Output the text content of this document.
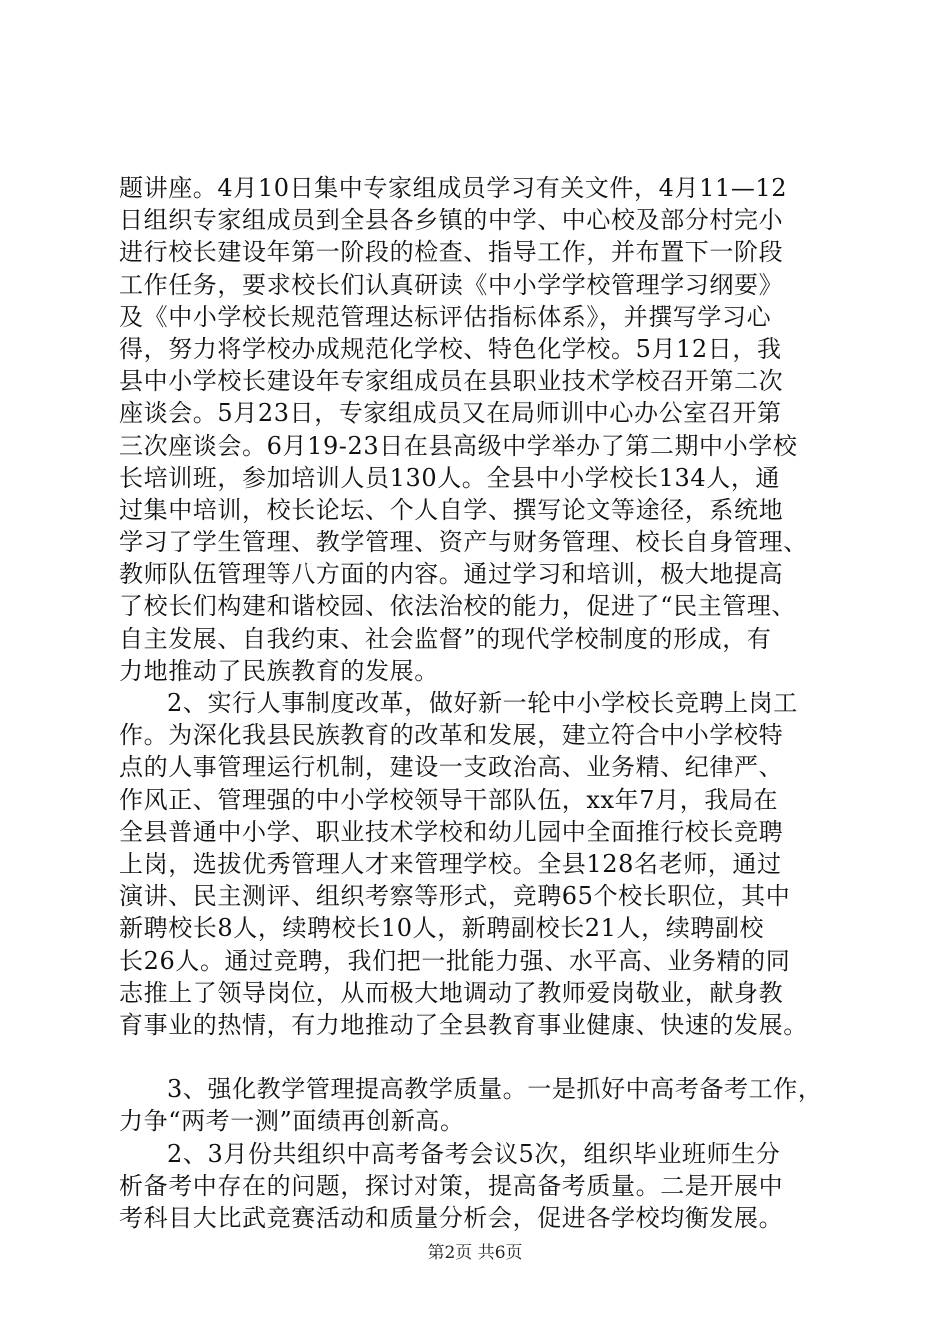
题讲座。4月10日集中专家组成员学习有关文件，4月11—12
日组织专家组成员到全县各乡镇的中学、中心校及部分村完小
进行校长建设年第一阶段的检查、指导工作，并布置下一阶段
工作任务，要求校长们认真研读《中小学学校管理学习纲要》
及《中小学校长规范管理达标评估指标体系》，并撰写学习心
得，努力将学校办成规范化学校、特色化学校。5月12日，我
县中小学校长建设年专家组成员在县职业技术学校召开第二次
座谈会。5月23日，专家组成员又在局师训中心办公室召开第
三次座谈会。6月19-23日在县高级中学举办了第二期中小学校
长培训班，参加培训人员130人。全县中小学校长134人，通
过集中培训，校长论坛、个人自学、撰写论文等途径，系统地
学习了学生管理、教学管理、资产与财务管理、校长自身管理、
教师队伍管理等八方面的内容。通过学习和培训，极大地提高
了校长们构建和谐校园、依法治校的能力，促进了“民主管理、
自主发展、自我约束、社会监督”的现代学校制度的形成，有
力地推动了民族教育的发展。
2、实行人事制度改革，做好新一轮中小学校长竞聘上岗工
作。为深化我县民族教育的改革和发展，建立符合中小学校特
点的人事管理运行机制，建设一支政治高、业务精、纪律严、
作风正、管理强的中小学校领导干部队伍，xx年7月，我局在
全县普通中小学、职业技术学校和幼儿园中全面推行校长竞聘
上岗，选拔优秀管理人才来管理学校。全县128名老师，通过
演讲、民主测评、组织考察等形式，竞聘65个校长职位，其中
新聘校长8人，续聘校长10人，新聘副校长21人，续聘副校
长26人。通过竞聘，我们把一批能力强、水平高、业务精的同
志推上了领导岗位，从而极大地调动了教师爱岗敬业，献身教
育事业的热情，有力地推动了全县教育事业健康、快速的发展。
3、强化教学管理提高教学质量。一是抓好中高考备考工作，
力争“两考一测”面绩再创新高。
2、3月份共组织中高考备考会议5次，组织毕业班师生分
析备考中存在的问题，探讨对策，提高备考质量。二是开展中
考科目大比武竞赛活动和质量分析会，促进各学校均衡发展。
第2页 共6页
